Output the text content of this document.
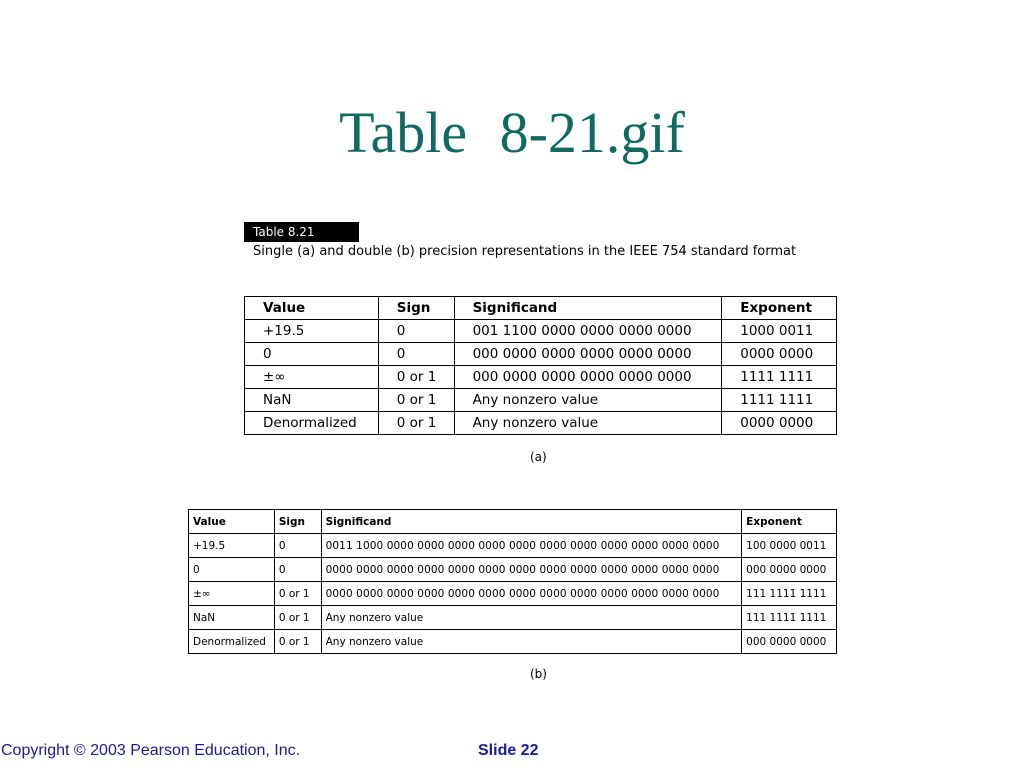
Table 8-21.gif
Table 8.21
Single (a) and double (b) precision representations in the IEEE 754 standard format
Value	Sign	Significand	Exponent
+19.5	0	001 1100 0000 0000 0000 0000	1000 0011
0	0	000 0000 0000 0000 0000 0000	0000 0000
±∞	0 or 1	000 0000 0000 0000 0000 0000	1111 1111
NaN	0 or 1	Any nonzero value	1111 1111
Denormalized	0 or 1	Any nonzero value	0000 0000
(a)
Value	Sign	Significand	Exponent
+19.5	0	0011 1000 0000 0000 0000 0000 0000 0000 0000 0000 0000 0000 0000	100 0000 0011
0	0	0000 0000 0000 0000 0000 0000 0000 0000 0000 0000 0000 0000 0000	000 0000 0000
±∞	0 or 1	0000 0000 0000 0000 0000 0000 0000 0000 0000 0000 0000 0000 0000	111 1111 1111
NaN	0 or 1	Any nonzero value	111 1111 1111
Denormalized	0 or 1	Any nonzero value	000 0000 0000
(b)
Copyright © 2003 Pearson Education, Inc.	Slide 22
